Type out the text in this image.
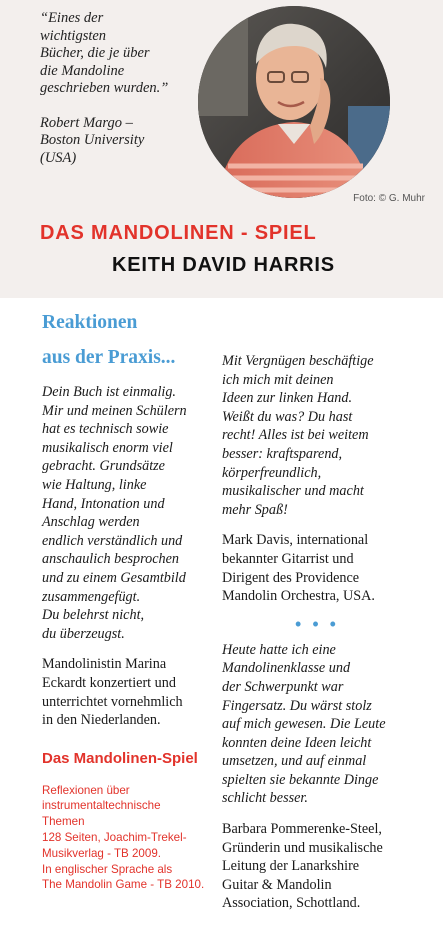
“Eines der

wichtigsten

Bücher, die je über

die Mandoline

geschrieben wurden.”

Robert Margo –

Boston University

(USA)

Foto: © G. Muhr
DAS MANDOLINEN - SPIEL
KEITH DAVID HARRIS

Reaktionen

aus der Praxis...

Dein Buch ist einmalig.

Mir und meinen Schülern

hat es technisch sowie

musikalisch enorm viel

gebracht. Grundsätze

wie Haltung, linke

Hand, Intonation und

Anschlag werden

endlich verständlich und

anschaulich besprochen

und zu einem Gesamtbild

zusammengefügt.

Du belehrst nicht,

du überzeugst.

Mandolinistin Marina

Eckardt konzertiert und

unterrichtet vornehmlich

in den Niederlanden.

Das Mandolinen-Spiel

Reflexionen über

instrumentaltechnische

Themen

128 Seiten, Joachim-Trekel-

Musikverlag - TB 2009.

In englischer Sprache als

The Mandolin Game - TB 2010.

Mit Vergnügen beschäftige

ich mich mit deinen

Ideen zur linken Hand.

Weißt du was? Du hast

recht! Alles ist bei weitem

besser: kraftsparend,

körperfreundlich,

musikalischer und macht

mehr Spaß!

Mark Davis, international

bekannter Gitarrist und

Dirigent des Providence

Mandolin Orchestra, USA.

• • •

Heute hatte ich eine

Mandolinenklasse und

der Schwerpunkt war

Fingersatz. Du wärst stolz

auf mich gewesen. Die Leute

konnten deine Ideen leicht

umsetzen, und auf einmal

spielten sie bekannte Dinge

schlicht besser.

Barbara Pommerenke-Steel,

Gründerin und musikalische

Leitung der Lanarkshire

Guitar & Mandolin

Association, Schottland.
